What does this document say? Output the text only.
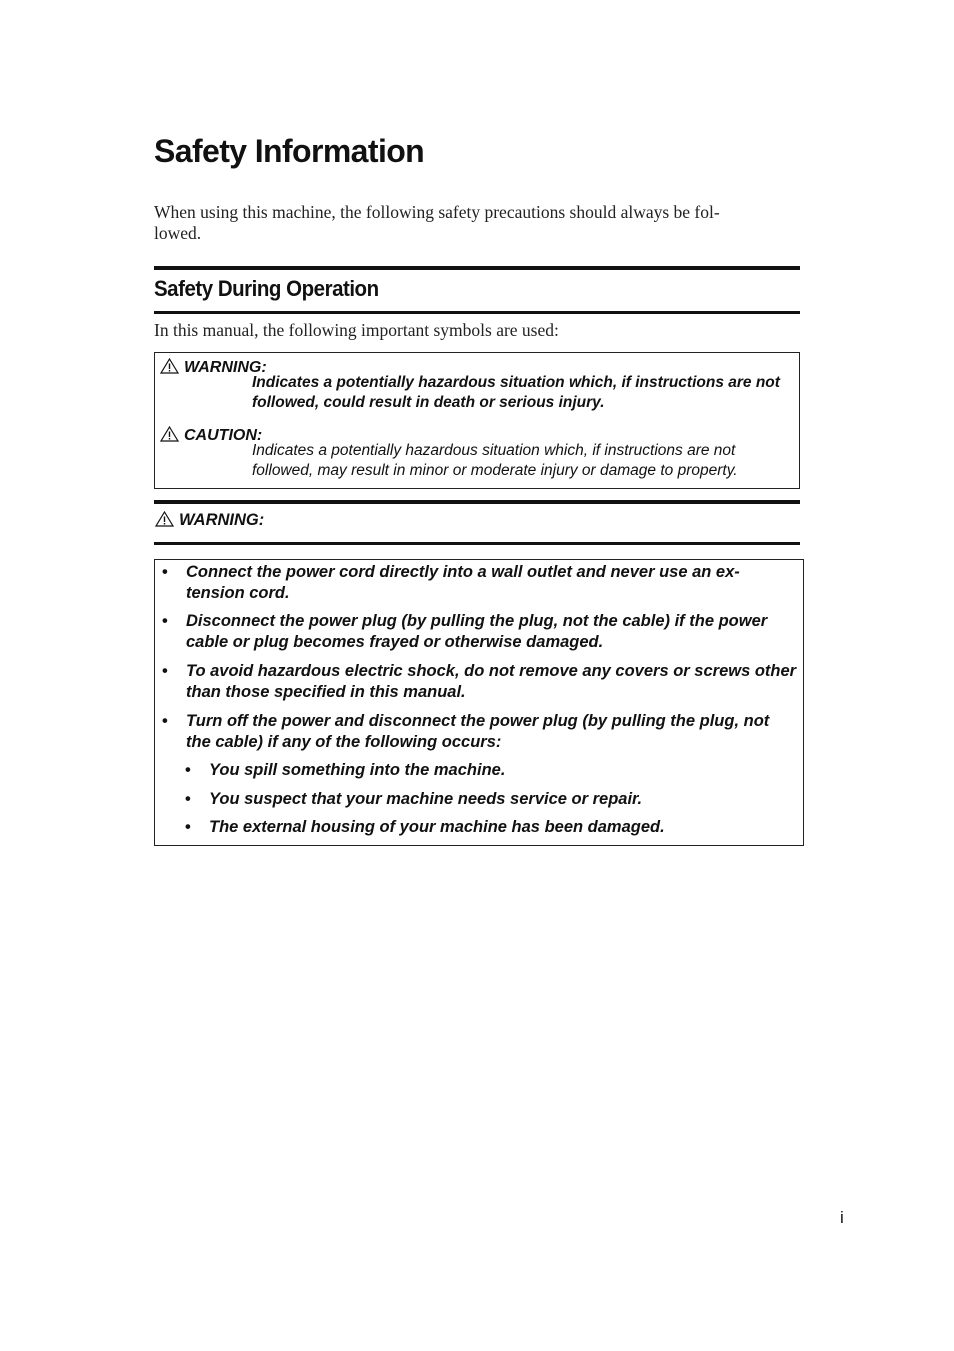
Safety Information

When using this machine, the following safety precautions should always be fol-
lowed.

Safety During Operation

In this manual, the following important symbols are used:

WARNING:
Indicates a potentially hazardous situation which, if instructions are not followed, could result in death or serious injury.
CAUTION:
Indicates a potentially hazardous situation which, if instructions are not followed, may result in minor or moderate injury or damage to property.
WARNING:
• Connect the power cord directly into a wall outlet and never use an ex-
tension cord.
• Disconnect the power plug (by pulling the plug, not the cable) if the power cable or plug becomes frayed or otherwise damaged.
• To avoid hazardous electric shock, do not remove any covers or screws other than those specified in this manual.
• Turn off the power and disconnect the power plug (by pulling the plug, not the cable) if any of the following occurs:
• You spill something into the machine.
• You suspect that your machine needs service or repair.
• The external housing of your machine has been damaged.
i
